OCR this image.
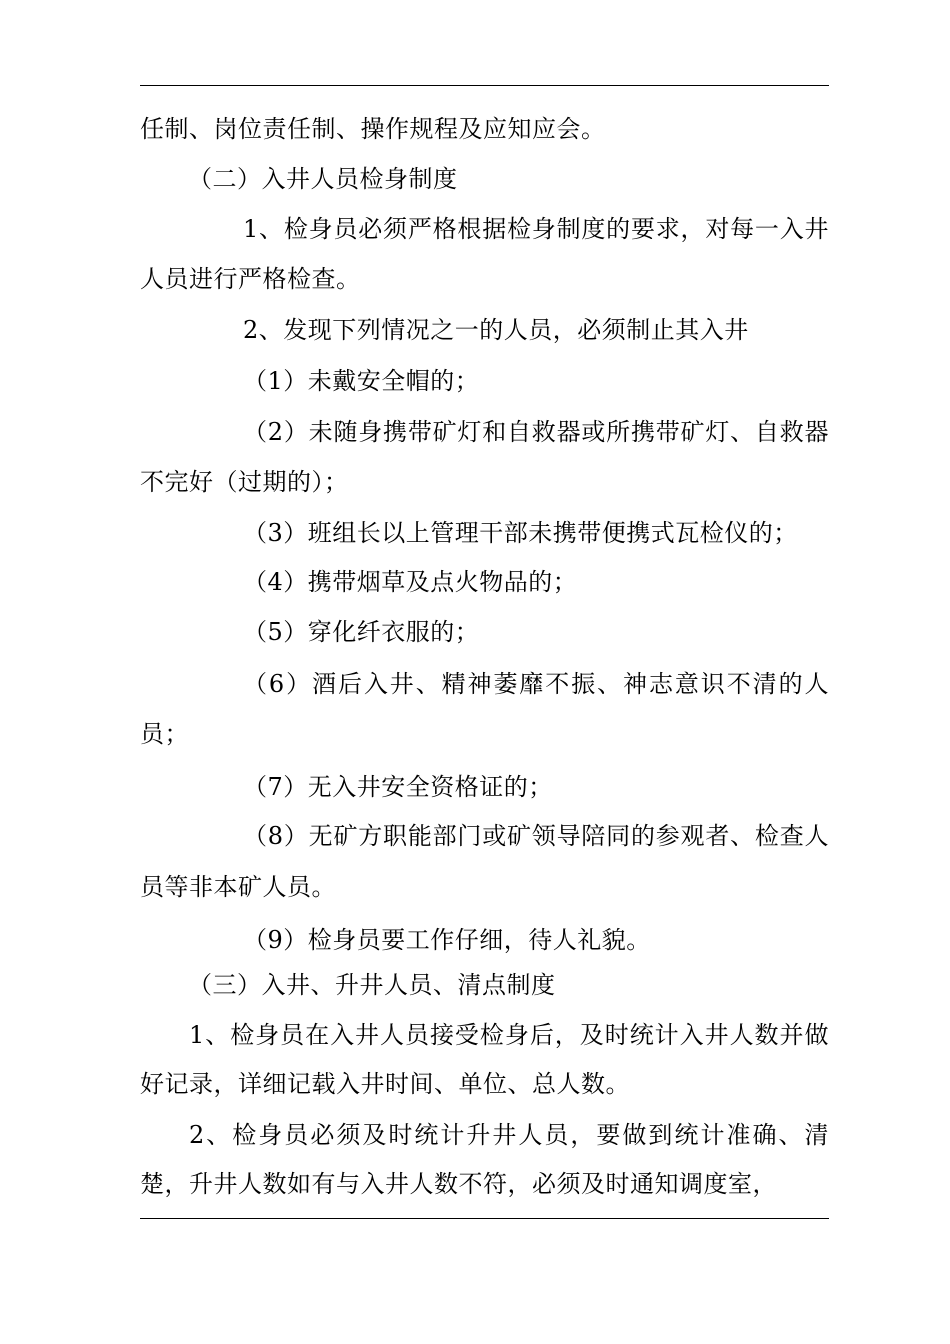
任制、岗位责任制、操作规程及应知应会。
（二）入井人员检身制度
1、检身员必须严格根据检身制度的要求，对每一入井
人员进行严格检查。
2、发现下列情况之一的人员，必须制止其入井
（1）未戴安全帽的；
（2）未随身携带矿灯和自救器或所携带矿灯、自救器
不完好（过期的）；
（3）班组长以上管理干部未携带便携式瓦检仪的；
（4）携带烟草及点火物品的；
（5）穿化纤衣服的；
（6）酒后入井、精神萎靡不振、神志意识不清的人
员；
（7）无入井安全资格证的；
（8）无矿方职能部门或矿领导陪同的参观者、检查人
员等非本矿人员。
（9）检身员要工作仔细，待人礼貌。
（三）入井、升井人员、清点制度
1、检身员在入井人员接受检身后，及时统计入井人数并做
好记录，详细记载入井时间、单位、总人数。
2、检身员必须及时统计升井人员，要做到统计准确、清
楚，升井人数如有与入井人数不符，必须及时通知调度室，
